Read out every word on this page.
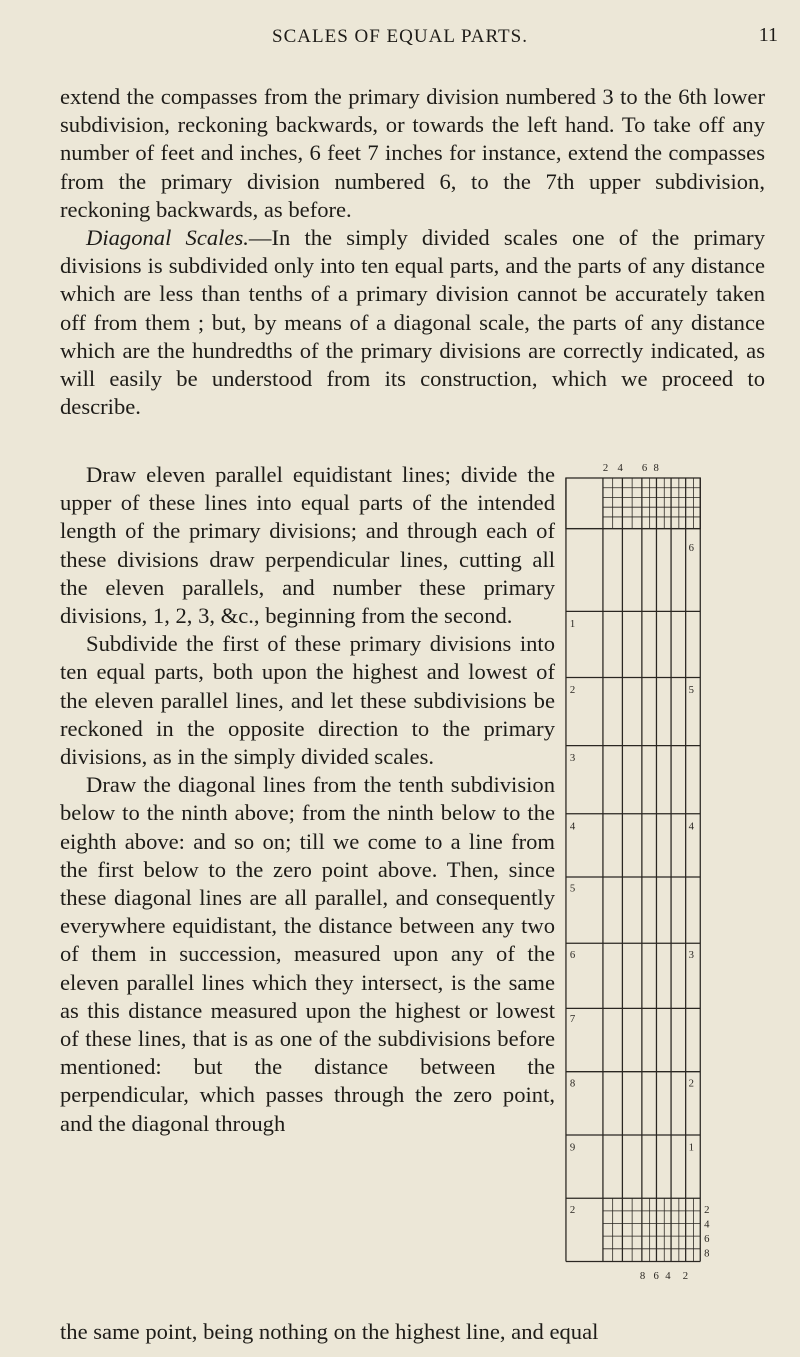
SCALES OF EQUAL PARTS.	11

extend the compasses from the primary division numbered 3 to the 6th lower subdivision, reckoning backwards, or towards the left hand. To take off any number of feet and inches, 6 feet 7 inches for instance, extend the compasses from the primary division numbered 6, to the 7th upper subdivision, reckoning backwards, as before.
Diagonal Scales.—In the simply divided scales one of the primary divisions is subdivided only into ten equal parts, and the parts of any distance which are less than tenths of a primary division cannot be accurately taken off from them ; but, by means of a diagonal scale, the parts of any distance which are the hundredths of the primary divisions are correctly indicated, as will easily be understood from its construction, which we proceed to describe.

Draw eleven parallel equidistant lines; divide the upper of these lines into equal parts of the intended length of the primary divisions; and through each of these divisions draw perpendicular lines, cutting all the eleven parallels, and number these primary divisions, 1, 2, 3, &c., beginning from the second.
Subdivide the first of these primary divisions into ten equal parts, both upon the highest and lowest of the eleven parallel lines, and let these subdivisions be reckoned in the opposite direction to the primary divisions, as in the simply divided scales.
Draw the diagonal lines from the tenth subdivision below to the ninth above; from the ninth below to the eighth above: and so on; till we come to a line from the first below to the zero point above. Then, since these diagonal lines are all parallel, and consequently everywhere equidistant, the distance between any two of them in succession, measured upon any of the eleven parallel lines which they intersect, is the same as this distance measured upon the highest or lowest of these lines, that is as one of the subdivisions before mentioned: but the distance between the perpendicular, which passes through the zero point, and the diagonal through

the same point, being nothing on the highest line, and equal

2 4 6 8
1
2
3
4
5
6
7
8
9
2
6
5
4
3
2
1
2
4
6
8
8 6 4 2
